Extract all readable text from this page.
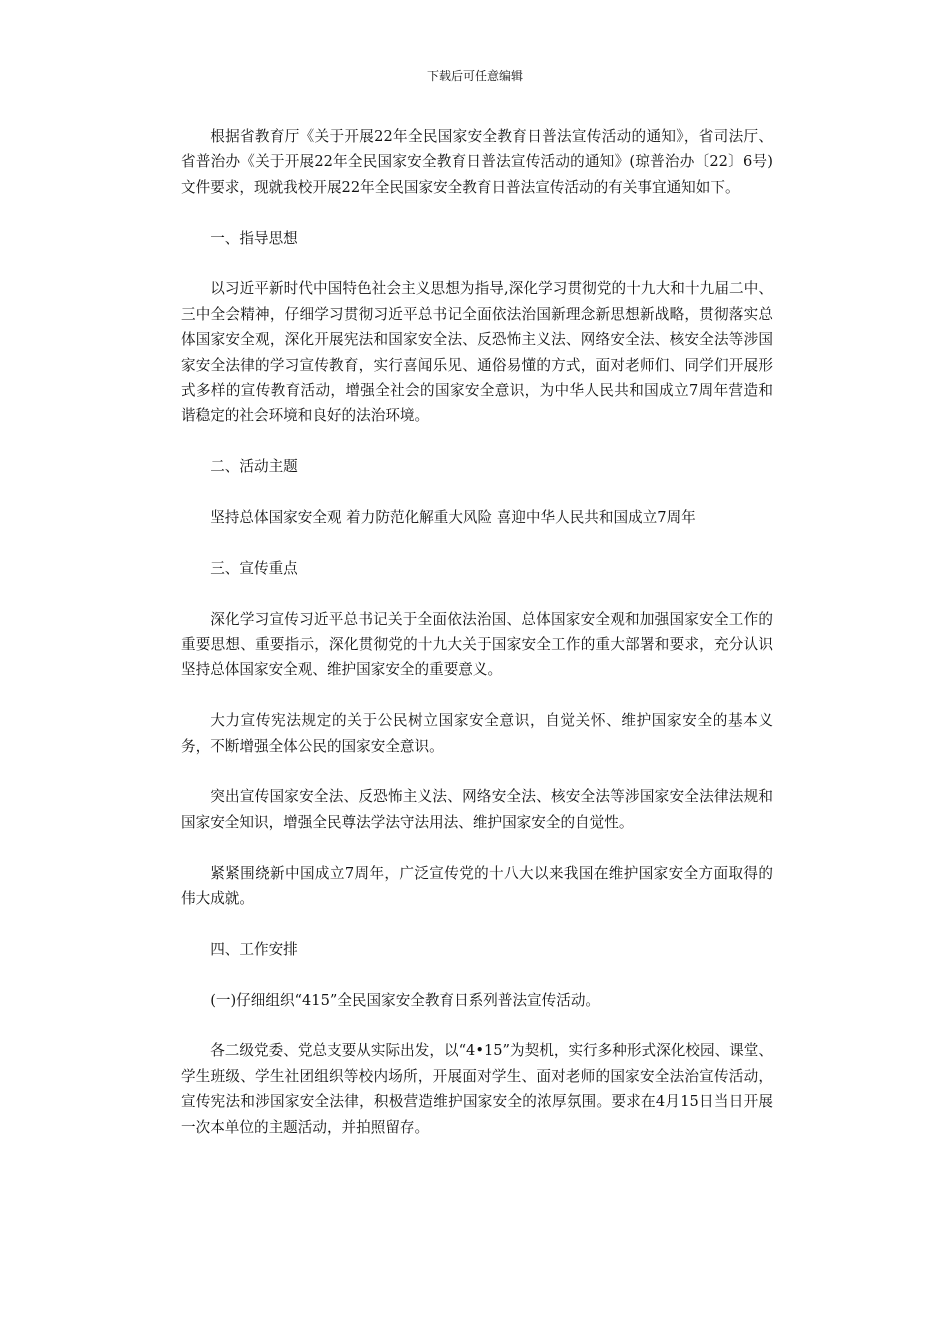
下载后可任意编辑

根据省教育厅《关于开展22年全民国家安全教育日普法宣传活动的通知》，省司法厅、省普治办《关于开展22年全民国家安全教育日普法宣传活动的通知》(琼普治办〔22〕6号)文件要求，现就我校开展22年全民国家安全教育日普法宣传活动的有关事宜通知如下。

一、指导思想

以习近平新时代中国特色社会主义思想为指导,深化学习贯彻党的十九大和十九届二中、三中全会精神，仔细学习贯彻习近平总书记全面依法治国新理念新思想新战略，贯彻落实总体国家安全观，深化开展宪法和国家安全法、反恐怖主义法、网络安全法、核安全法等涉国家安全法律的学习宣传教育，实行喜闻乐见、通俗易懂的方式，面对老师们、同学们开展形式多样的宣传教育活动，增强全社会的国家安全意识，为中华人民共和国成立7周年营造和谐稳定的社会环境和良好的法治环境。

二、活动主题

坚持总体国家安全观 着力防范化解重大风险 喜迎中华人民共和国成立7周年

三、宣传重点

深化学习宣传习近平总书记关于全面依法治国、总体国家安全观和加强国家安全工作的重要思想、重要指示，深化贯彻党的十九大关于国家安全工作的重大部署和要求，充分认识坚持总体国家安全观、维护国家安全的重要意义。

大力宣传宪法规定的关于公民树立国家安全意识，自觉关怀、维护国家安全的基本义务，不断增强全体公民的国家安全意识。

突出宣传国家安全法、反恐怖主义法、网络安全法、核安全法等涉国家安全法律法规和国家安全知识，增强全民尊法学法守法用法、维护国家安全的自觉性。

紧紧围绕新中国成立7周年，广泛宣传党的十八大以来我国在维护国家安全方面取得的伟大成就。

四、工作安排

(一)仔细组织“415”全民国家安全教育日系列普法宣传活动。

各二级党委、党总支要从实际出发，以“4•15”为契机，实行多种形式深化校园、课堂、学生班级、学生社团组织等校内场所，开展面对学生、面对老师的国家安全法治宣传活动，宣传宪法和涉国家安全法律，积极营造维护国家安全的浓厚氛围。要求在4月15日当日开展一次本单位的主题活动，并拍照留存。
